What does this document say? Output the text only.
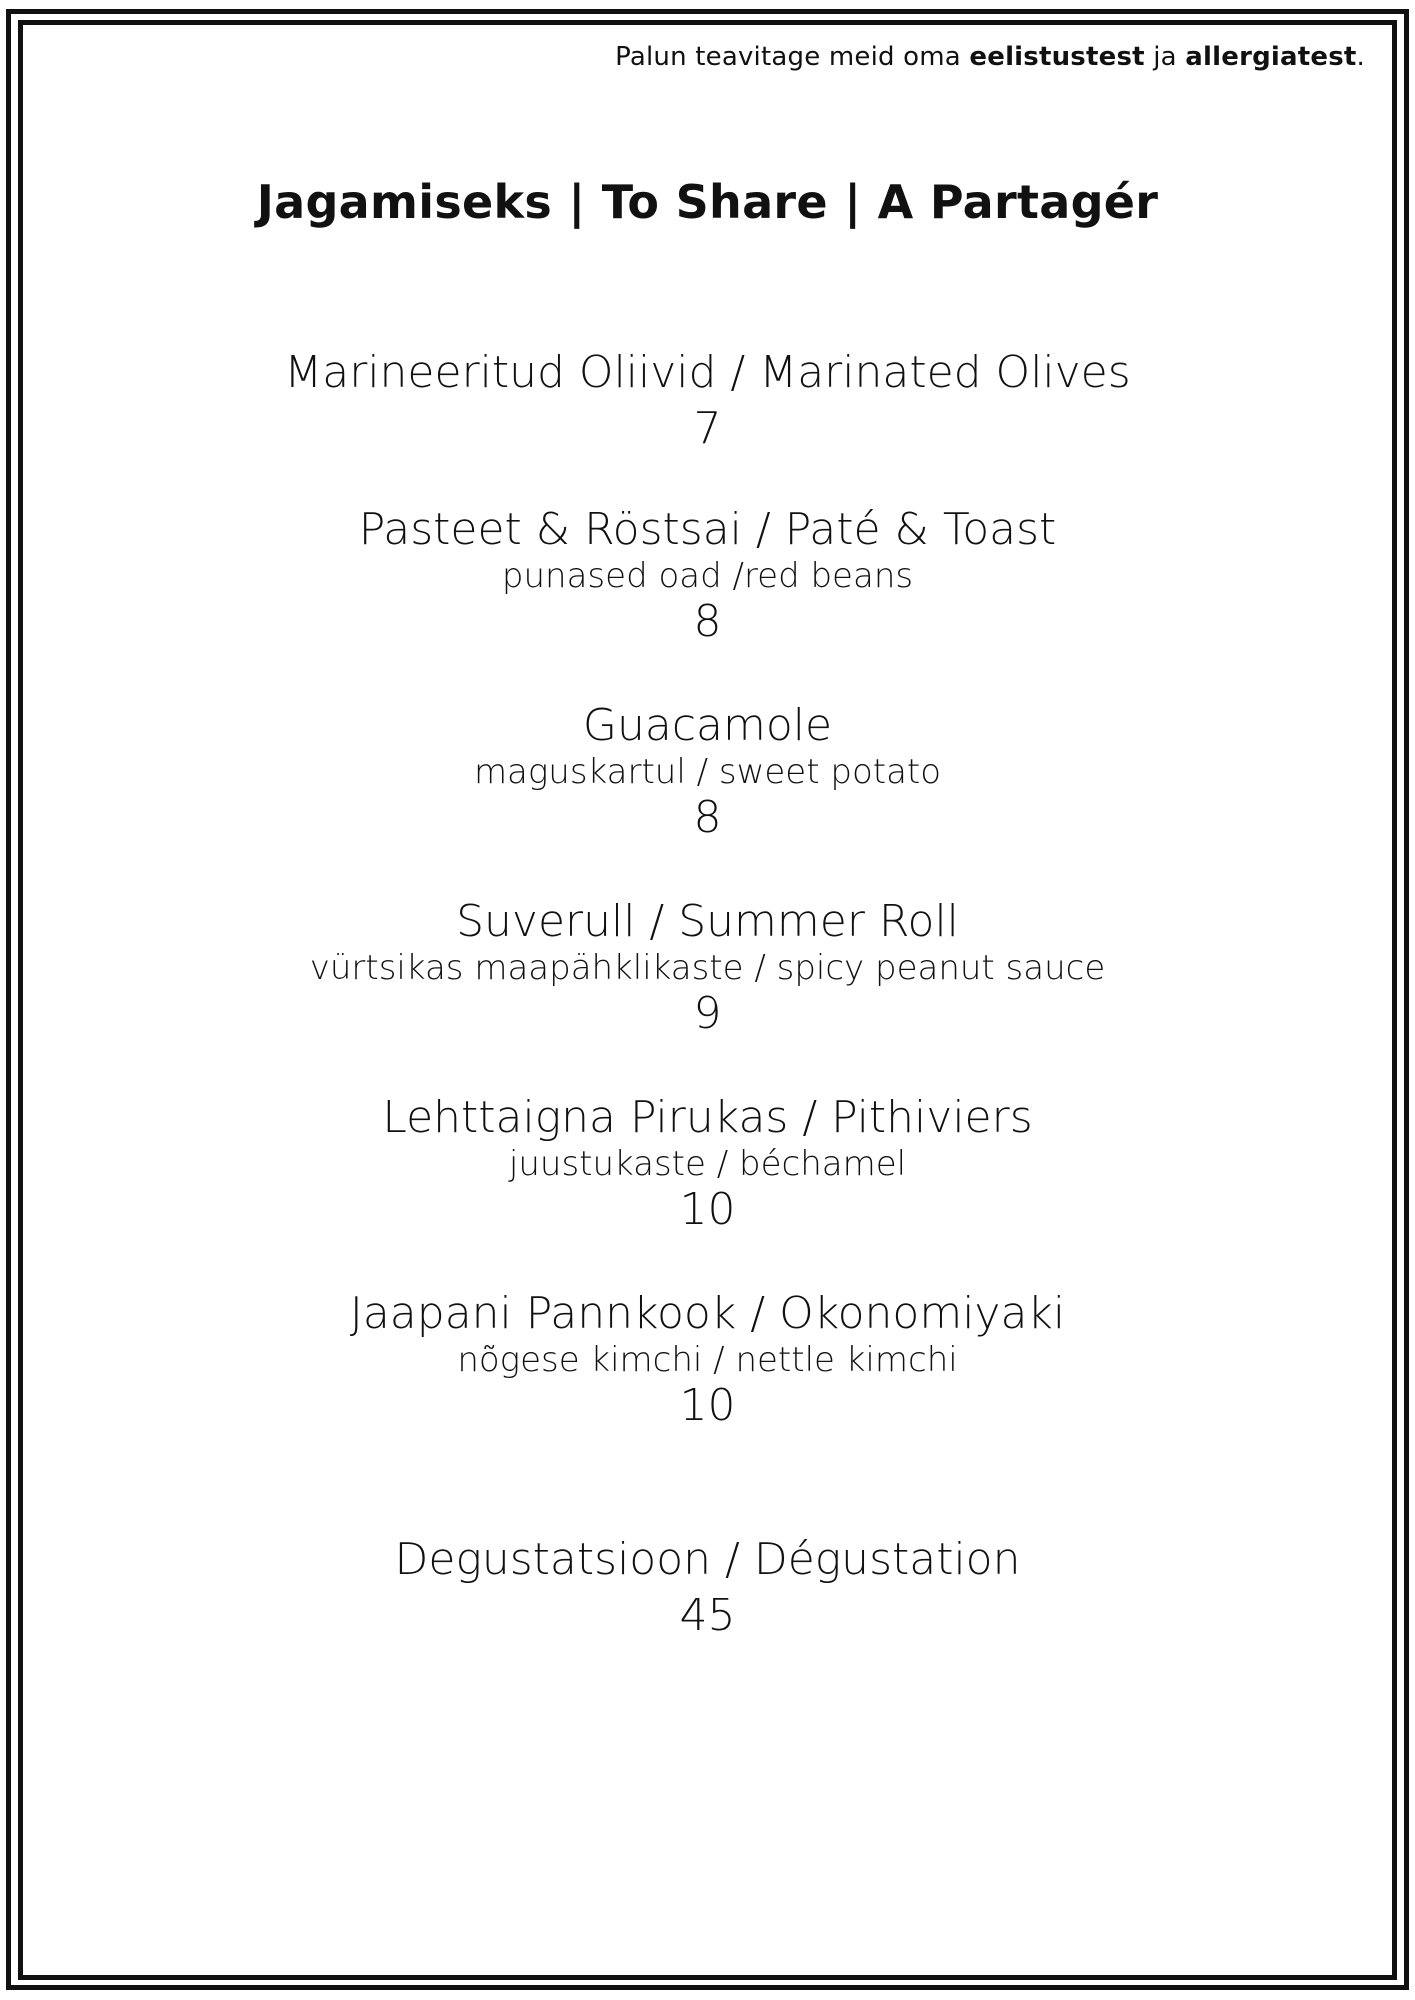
Palun teavitage meid oma eelistustest ja allergiatest.
Jagamiseks | To Share | A Partagér
Marineeritud Oliivid / Marinated Olives
7
Pasteet & Röstsai / Paté & Toast
punased oad /red beans
8
Guacamole
maguskartul / sweet potato
8
Suverull / Summer Roll
vürtsikas maapähklikaste / spicy peanut sauce
9
Lehttaigna Pirukas / Pithiviers
juustukaste / béchamel
10
Jaapani Pannkook / Okonomiyaki
nõgese kimchi / nettle kimchi
10
Degustatsioon / Dégustation
45
